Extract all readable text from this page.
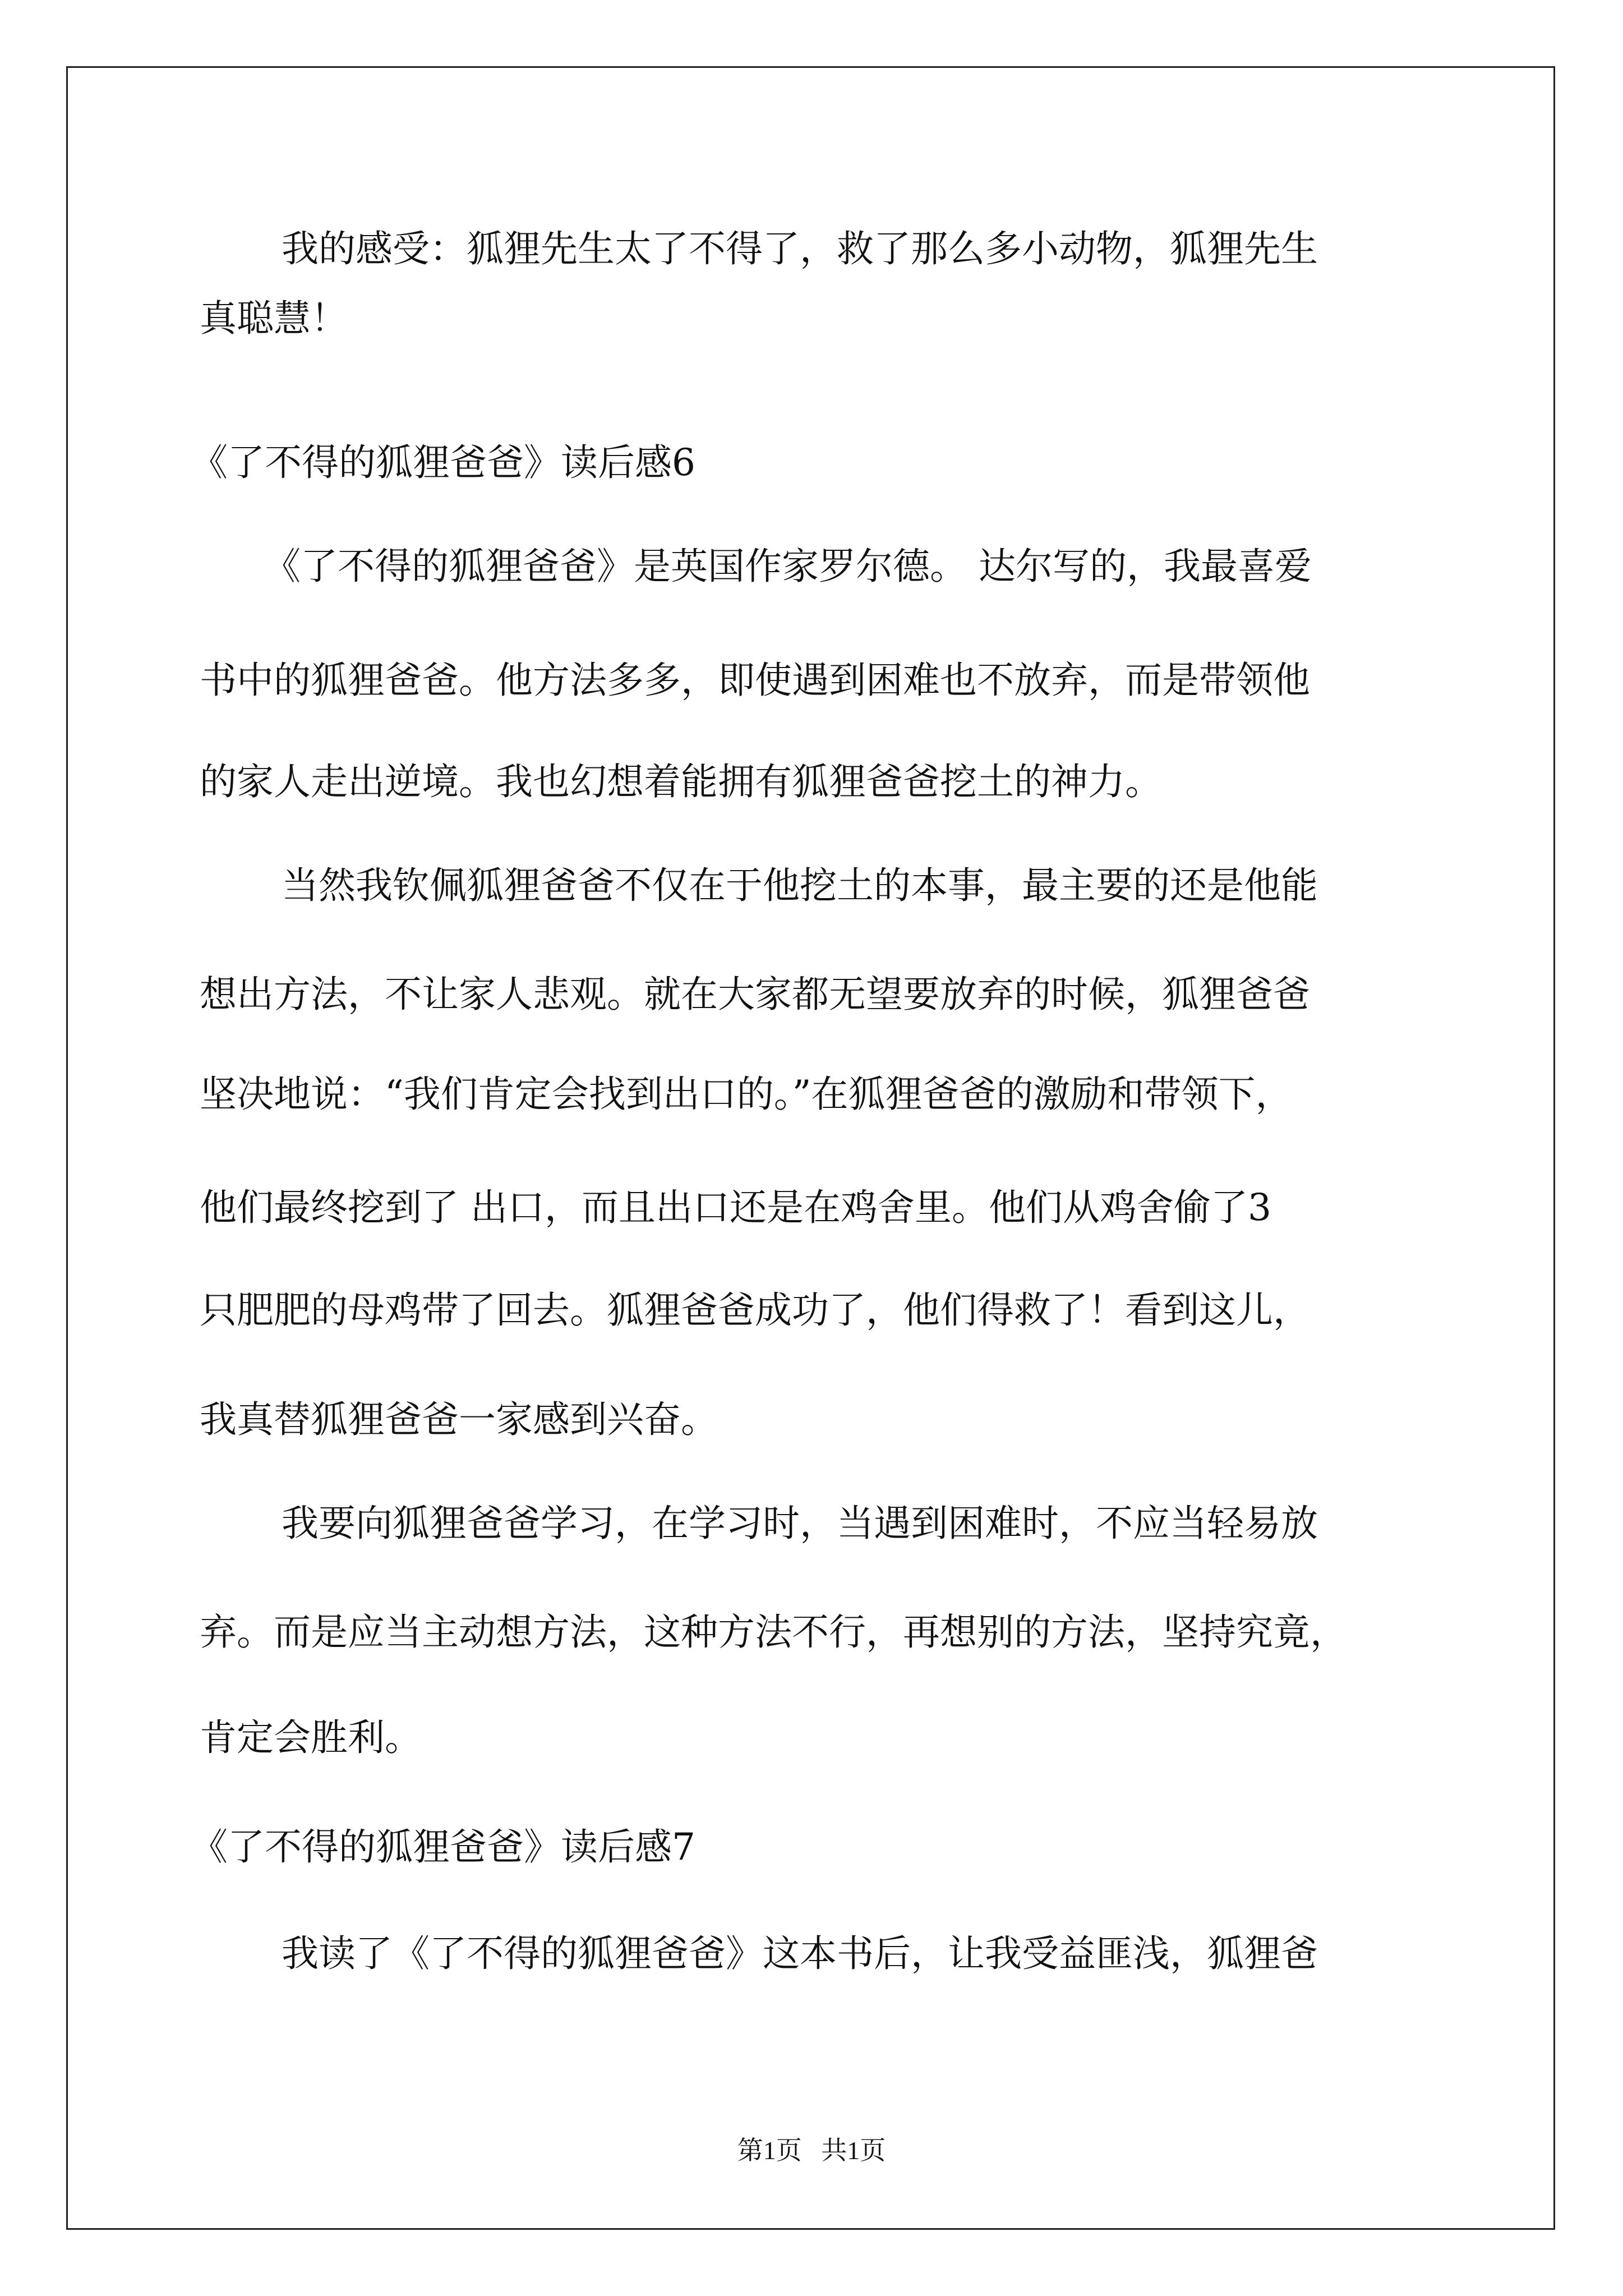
我的感受：狐狸先生太了不得了，救了那么多小动物，狐狸先生

真聪慧！

《了不得的狐狸爸爸》读后感6

《了不得的狐狸爸爸》是英国作家罗尔德。 达尔写的，我最喜爱

书中的狐狸爸爸。他方法多多，即使遇到困难也不放弃，而是带领他

的家人走出逆境。我也幻想着能拥有狐狸爸爸挖土的神力。

当然我钦佩狐狸爸爸不仅在于他挖土的本事，最主要的还是他能

想出方法，不让家人悲观。就在大家都无望要放弃的时候，狐狸爸爸

坚决地说：“我们肯定会找到出口的。”在狐狸爸爸的激励和带领下，

他们最终挖到了 出口，而且出口还是在鸡舍里。他们从鸡舍偷了3

只肥肥的母鸡带了回去。狐狸爸爸成功了，他们得救了！看到这儿，

我真替狐狸爸爸一家感到兴奋。

我要向狐狸爸爸学习，在学习时，当遇到困难时，不应当轻易放

弃。而是应当主动想方法，这种方法不行，再想别的方法，坚持究竟，

肯定会胜利。

《了不得的狐狸爸爸》读后感7

我读了《了不得的狐狸爸爸》这本书后，让我受益匪浅，狐狸爸

第1页   共1页
